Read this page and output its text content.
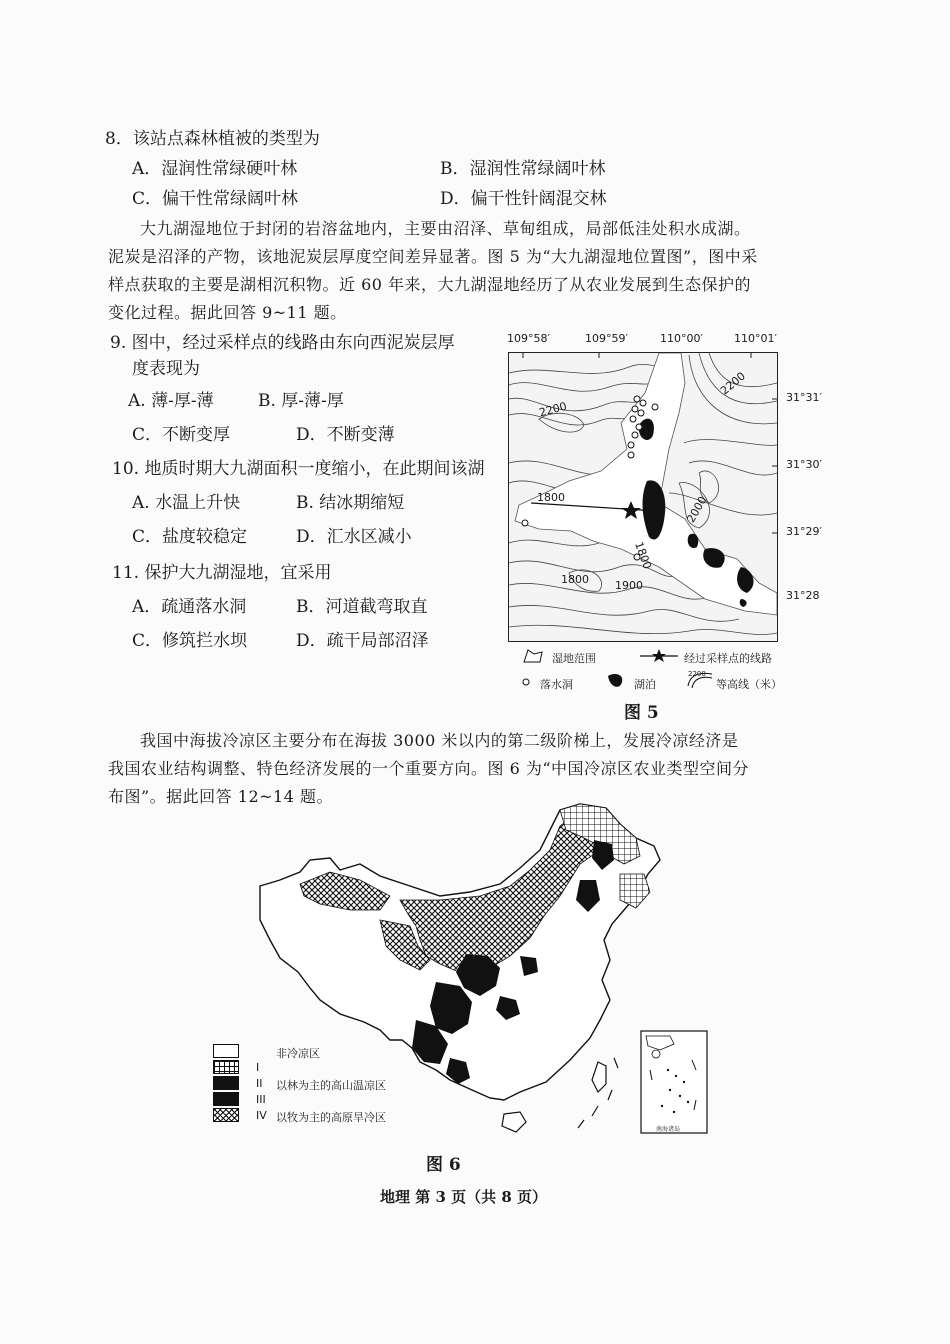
8．该站点森林植被的类型为
A．湿润性常绿硬叶林	B．湿润性常绿阔叶林
C．偏干性常绿阔叶林	D．偏干性针阔混交林
大九湖湿地位于封闭的岩溶盆地内，主要由沼泽、草甸组成，局部低洼处积水成湖。
泥炭是沼泽的产物，该地泥炭层厚度空间差异显著。图 5 为“大九湖湿地位置图”，图中采
样点获取的主要是湖相沉积物。近 60 年来，大九湖湿地经历了从农业发展到生态保护的
变化过程。据此回答 9~11 题。
9. 图中，经过采样点的线路由东向西泥炭层厚
度表现为
A. 薄-厚-薄	B. 厚-薄-厚
C．不断变厚	D．不断变薄
10. 地质时期大九湖面积一度缩小，在此期间该湖
A. 水温上升快	B. 结冰期缩短
C．盐度较稳定	D．汇水区减小
11. 保护大九湖湿地，宜采用
A．疏通落水洞	B．河道截弯取直
C．修筑拦水坝	D．疏干局部沼泽
109°58′	109°59′	110°00′	110°01′
31°31′
31°30′
31°29′
31°28
2200
2200
1800	2000
1800 1900
1800
湿地范围	经过采样点的线路
落水洞	湖泊
2200
等高线（米）
图 5
我国中海拔冷凉区主要分布在海拔 3000 米以内的第二级阶梯上，发展冷凉经济是
我国农业结构调整、特色经济发展的一个重要方向。图 6 为“中国冷凉区农业类型空间分
布图”。据此回答 12~14 题。
南海诸岛
非冷凉区
I
II 以林为主的高山温凉区
III
IV 以牧为主的高原旱冷区
图 6
地理 第 3 页（共 8 页）
